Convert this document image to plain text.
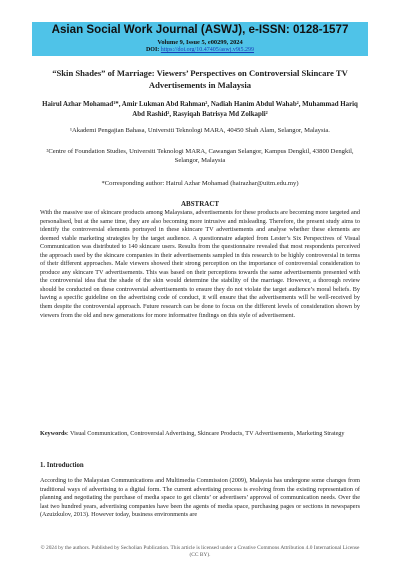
Asian Social Work Journal (ASWJ), e-ISSN: 0128-1577
Volume 9, Issue 5, e00299, 2024
DOI: https://doi.org/10.47405/aswj.v9i5.299
“Skin Shades” of Marriage: Viewers’ Perspectives on Controversial Skincare TV Advertisements in Malaysia
Hairul Azhar Mohamad¹*, Amir Lukman Abd Rahman², Nadiah Hanim Abdul Wahab², Muhammad Hariq Abd Rashid², Rasyiqah Batrisya Md Zolkapli²
¹Akademi Pengajian Bahasa, Universiti Teknologi MARA, 40450 Shah Alam, Selangor, Malaysia.
²Centre of Foundation Studies, Universiti Teknologi MARA, Cawangan Selangor, Kampus Dengkil, 43800 Dengkil, Selangor, Malaysia
*Corresponding author: Hairul Azhar Mohamad (hairazhar@uitm.edu.my)
ABSTRACT
With the massive use of skincare products among Malaysians, advertisements for these products are becoming more targeted and personalised, but at the same time, they are also becoming more intrusive and misleading. Therefore, the present study aims to identify the controversial elements portrayed in these skincare TV advertisements and analyse whether these elements are deemed viable marketing strategies by the target audience. A questionnaire adapted from Lester’s Six Perspectives of Visual Communication was distributed to 140 skincare users. Results from the questionnaire revealed that most respondents perceived the approach used by the skincare companies in their advertisements sampled in this research to be highly controversial in terms of their different approaches. Male viewers showed their strong perception on the importance of controversial consideration to produce any skincare TV advertisements. This was based on their perceptions towards the same advertisements presented with the controversial idea that the shade of the skin would determine the stability of the marriage. However, a thorough review should be conducted on these controversial advertisements to ensure they do not violate the target audience’s moral beliefs. By having a specific guideline on the advertising code of conduct, it will ensure that the advertisements will be well-received by them despite the controversial approach. Future research can be done to focus on the different levels of consideration shown by viewers from the old and new generations for more informative findings on this style of advertisement.
Keywords: Visual Communication, Controversial Advertising, Skincare Products, TV Advertisements, Marketing Strategy
1. Introduction
According to the Malaysian Communications and Multimedia Commission (2009), Malaysia has undergone some changes from traditional ways of advertising to a digital form. The current advertising process is evolving from the existing representation of planning and negotiating the purchase of media space to get clients’ or advertisers’ approval of communication needs. Over the last two hundred years, advertising companies have been the agents of media space, purchasing pages or sections in newspapers (Azuizkulov, 2013). However today, business environments are
© 2024 by the authors. Published by Secholian Publication. This article is licensed under a Creative Commons Attribution 4.0 International License (CC BY).
